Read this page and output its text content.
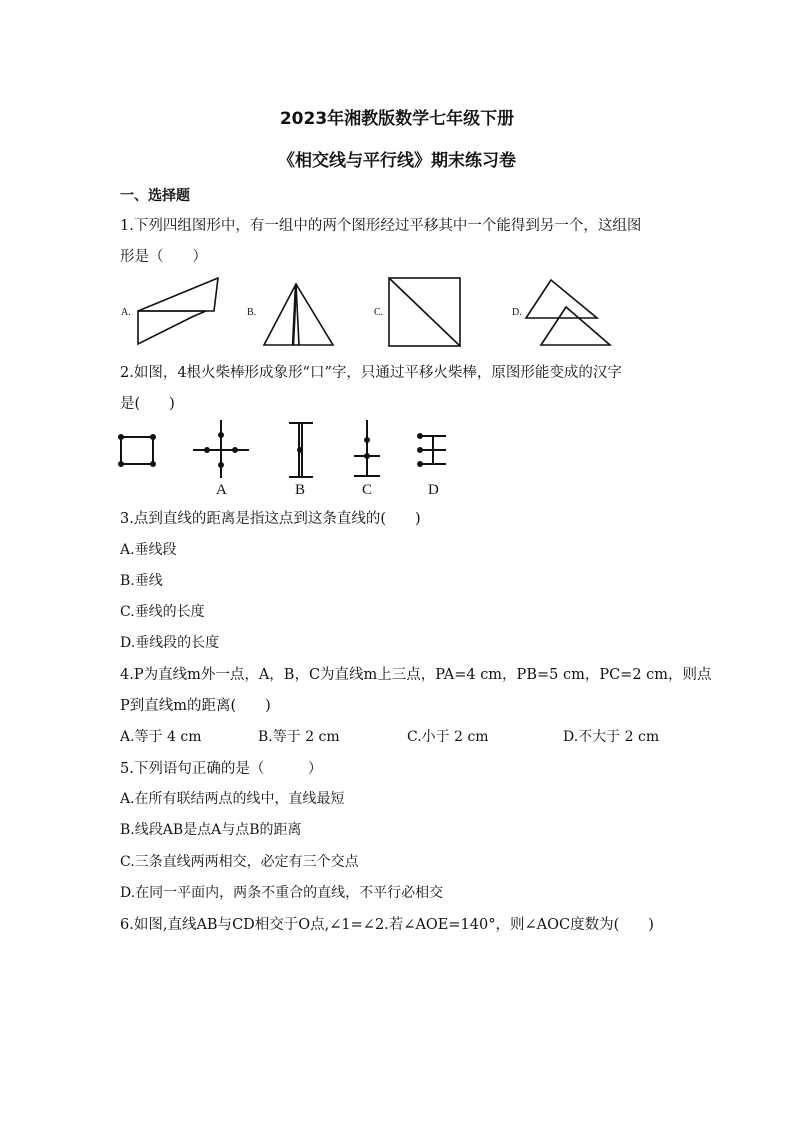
2023年湘教版数学七年级下册
《相交线与平行线》期末练习卷
一、选择题
1.下列四组图形中，有一组中的两个图形经过平移其中一个能得到另一个，这组图
形是（　　）
A.	B.	C.	D.
2.如图，4根火柴棒形成象形“口”字，只通过平移火柴棒，原图形能变成的汉字
是(　　)
A	B	C	D
3.点到直线的距离是指这点到这条直线的(　　)
A.垂线段
B.垂线
C.垂线的长度
D.垂线段的长度
4.P为直线m外一点，A，B，C为直线m上三点，PA=4 cm，PB=5 cm，PC=2 cm，则点
P到直线m的距离(　　)
A.等于 4 cm	B.等于 2 cm	C.小于 2 cm	D.不大于 2 cm
5.下列语句正确的是（　　　）
A.在所有联结两点的线中，直线最短
B.线段AB是点A与点B的距离
C.三条直线两两相交，必定有三个交点
D.在同一平面内，两条不重合的直线，不平行必相交
6.如图,直线AB与CD相交于O点,∠1=∠2.若∠AOE=140°，则∠AOC度数为(　　)
